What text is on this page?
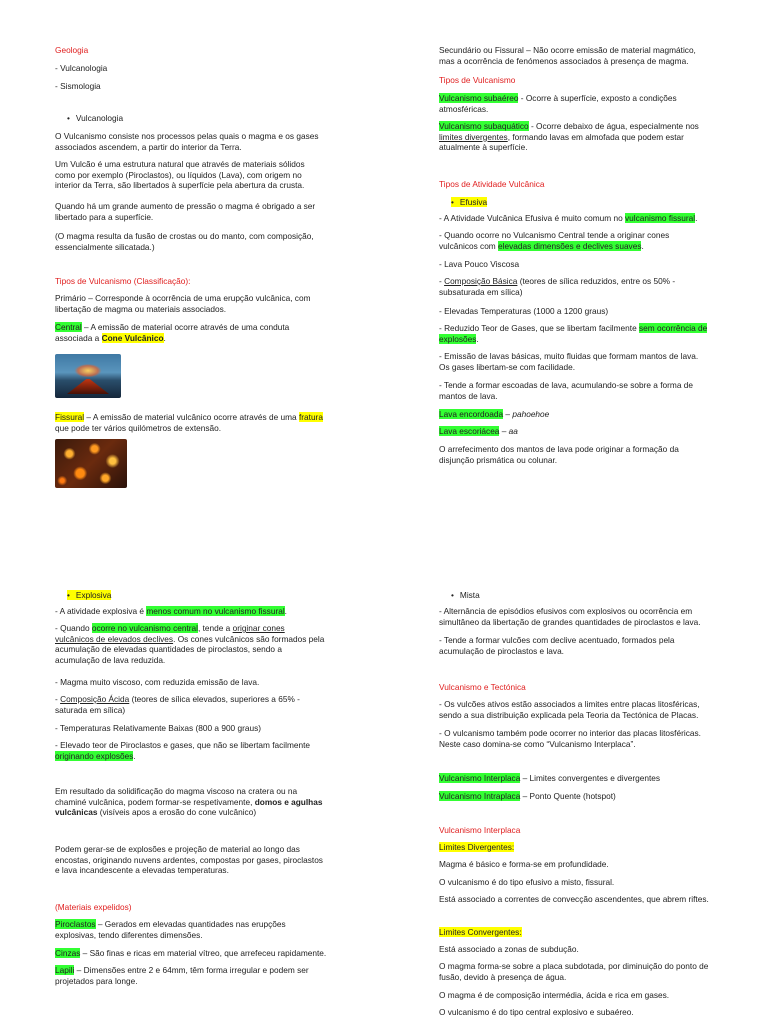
Geologia

- Vulcanologia

- Sismologia

• Vulcanologia

O Vulcanismo consiste nos processos pelas quais o magma e os gases associados ascendem, a partir do interior da Terra.

Um Vulcão é uma estrutura natural que através de materiais sólidos como por exemplo (Piroclastos), ou líquidos (Lava), com origem no interior da Terra, são libertados à superfície pela abertura da crusta.

Quando há um grande aumento de pressão o magma é obrigado a ser libertado para a superfície.

(O magma resulta da fusão de crostas ou do manto, com composição, essencialmente silicatada.)

Tipos de Vulcanismo (Classificação):

Primário – Corresponde à ocorrência de uma erupção vulcânica, com libertação de magma ou materiais associados.

Central – A emissão de material ocorre através de uma conduta associada a Cone Vulcânico.

Fissural – A emissão de material vulcânico ocorre através de uma fratura que pode ter vários quilómetros de extensão.

Secundário ou Fissural – Não ocorre emissão de material magmático, mas a ocorrência de fenómenos associados à presença de magma.

Tipos de Vulcanismo

Vulcanismo subaéreo - Ocorre à superfície, exposto a condições atmosféricas.

Vulcanismo subaquático - Ocorre debaixo de água, especialmente nos limites divergentes, formando lavas em almofada que podem estar atualmente à superfície.

Tipos de Atividade Vulcânica

• Efusiva

- A Atividade Vulcânica Efusiva é muito comum no vulcanismo fissural.

- Quando ocorre no Vulcanismo Central tende a originar cones vulcânicos com elevadas dimensões e declives suaves.

- Lava Pouco Viscosa

- Composição Básica (teores de sílica reduzidos, entre os 50% - subsaturada em sílica)

- Elevadas Temperaturas (1000 a 1200 graus)

- Reduzido Teor de Gases, que se libertam facilmente sem ocorrência de explosões.

- Emissão de lavas básicas, muito fluidas que formam mantos de lava. Os gases libertam-se com facilidade.

- Tende a formar escoadas de lava, acumulando-se sobre a forma de mantos de lava.

Lava encordoada – pahoehoe

Lava escoriácea – aa

O arrefecimento dos mantos de lava pode originar a formação da disjunção prismática ou colunar.

• Explosiva

- A atividade explosiva é menos comum no vulcanismo fissural.

- Quando ocorre no vulcanismo central, tende a originar cones vulcânicos de elevados declives. Os cones vulcânicos são formados pela acumulação de elevadas quantidades de piroclastos, sendo a acumulação de lava reduzida.

- Magma muito viscoso, com reduzida emissão de lava.

- Composição Ácida (teores de sílica elevados, superiores a 65% - saturada em sílica)

- Temperaturas Relativamente Baixas (800 a 900 graus)

- Elevado teor de Piroclastos e gases, que não se libertam facilmente originando explosões.

Em resultado da solidificação do magma viscoso na cratera ou na chaminé vulcânica, podem formar-se respetivamente, domos e agulhas vulcânicas (visíveis apos a erosão do cone vulcânico)

Podem gerar-se de explosões e projeção de material ao longo das encostas, originando nuvens ardentes, compostas por gases, piroclastos e lava incandescente a elevadas temperaturas.

(Materiais expelidos)

Piroclastos – Gerados em elevadas quantidades nas erupções explosivas, tendo diferentes dimensões.

Cinzas – São finas e ricas em material vítreo, que arrefeceu rapidamente.

Lapili – Dimensões entre 2 e 64mm, têm forma irregular e podem ser projetados para longe.

• Mista

- Alternância de episódios efusivos com explosivos ou ocorrência em simultâneo da libertação de grandes quantidades de piroclastos e lava.

- Tende a formar vulcões com declive acentuado, formados pela acumulação de piroclastos e lava.

Vulcanismo e Tectónica

- Os vulcões ativos estão associados a limites entre placas litosféricas, sendo a sua distribuição explicada pela Teoria da Tectónica de Placas.

- O vulcanismo também pode ocorrer no interior das placas litosféricas. Neste caso domina-se como “Vulcanismo Interplaca”.

Vulcanismo Interplaca – Limites convergentes e divergentes

Vulcanismo Intraplaca – Ponto Quente (hotspot)

Vulcanismo Interplaca

Limites Divergentes:

Magma é básico e forma-se em profundidade.

O vulcanismo é do tipo efusivo a misto, fissural.

Está associado a correntes de convecção ascendentes, que abrem riftes.

Limites Convergentes:

Está associado a zonas de subdução.

O magma forma-se sobre a placa subdotada, por diminuição do ponto de fusão, devido à presença de água.

O magma é de composição intermédia, ácida e rica em gases.

O vulcanismo é do tipo central explosivo e subaéreo.
